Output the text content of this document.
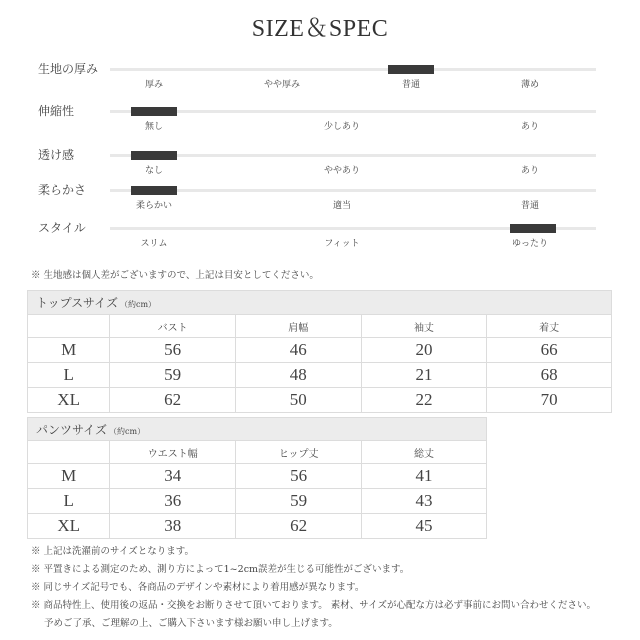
SIZE＆SPEC
生地の厚み
厚み	やや厚み	普通	薄め
伸縮性
無し	少しあり	あり
透け感
なし	ややあり	あり
柔らかさ
柔らかい	適当	普通
スタイル
スリム	フィット	ゆったり
※ 生地感は個人差がございますので、上記は目安としてください。
トップスサイズ （約cm）				
	バスト	肩幅	袖丈	着丈
M	56	46	20	66
L	59	48	21	68
XL	62	50	22	70
パンツサイズ （約cm）			
	ウエスト幅	ヒップ丈	総丈
M	34	56	41
L	36	59	43
XL	38	62	45
※ 上記は洗濯前のサイズとなります。
※ 平置きによる測定のため、測り方によって1~2cm誤差が生じる可能性がございます。
※ 同じサイズ記号でも、各商品のデザインや素材により着用感が異なります。
※ 商品特性上、使用後の返品・交換をお断りさせて頂いております。 素材、サイズが心配な方は必ず事前にお問い合わせください。
予めご了承、ご理解の上、ご購入下さいます様お願い申し上げます。
